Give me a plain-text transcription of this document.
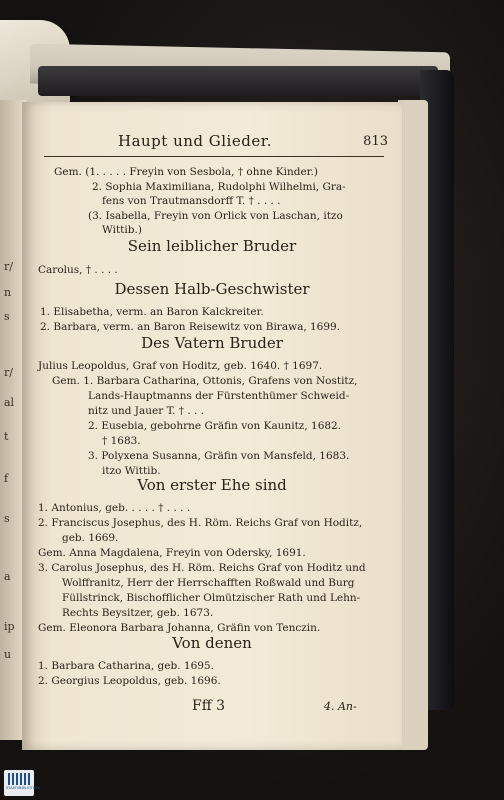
r/
n
s
r/
al
t
f
s
a
ip
u
Haupt und Glieder.	813
Gem. (1. . . . . Freyin von Sesbola, † ohne Kinder.)
2. Sophia Maximiliana, Rudolphi Wilhelmi, Gra-
fens von Trautmansdorff T. † . . . .
(3. Isabella, Freyin von Orlick von Laschan, itzo
Wittib.)
Sein leiblicher Bruder
Carolus, † . . . .
Dessen Halb-Geschwister
1. Elisabetha, verm. an Baron Kalckreiter.
2. Barbara, verm. an Baron Reisewitz von Birawa, 1699.
Des Vatern Bruder
Julius Leopoldus, Graf von Hoditz, geb. 1640. † 1697.
Gem. 1. Barbara Catharina, Ottonis, Grafens von Nostitz,
Lands-Hauptmanns der Fürstenthümer Schweid-
nitz und Jauer T. † . . .
2. Eusebia, gebohrne Gräfin von Kaunitz, 1682.
† 1683.
3. Polyxena Susanna, Gräfin von Mansfeld, 1683.
itzo Wittib.
Von erster Ehe sind
1. Antonius, geb. . . . . † . . . .
2. Franciscus Josephus, des H. Röm. Reichs Graf von Hoditz,
geb. 1669.
Gem. Anna Magdalena, Freyin von Odersky, 1691.
3. Carolus Josephus, des H. Röm. Reichs Graf von Hoditz und
Wolffranitz, Herr der Herrschafften Roßwald und Burg
Füllstrinck, Bischofflicher Olmützischer Rath und Lehn-
Rechts Beysitzer, geb. 1673.
Gem. Eleonora Barbara Johanna, Gräfin von Tenczin.
Von denen
1. Barbara Catharina, geb. 1695.
2. Georgius Leopoldus, geb. 1696.
Fff 3	4. An-
STAATSBIBLIOTHEK
